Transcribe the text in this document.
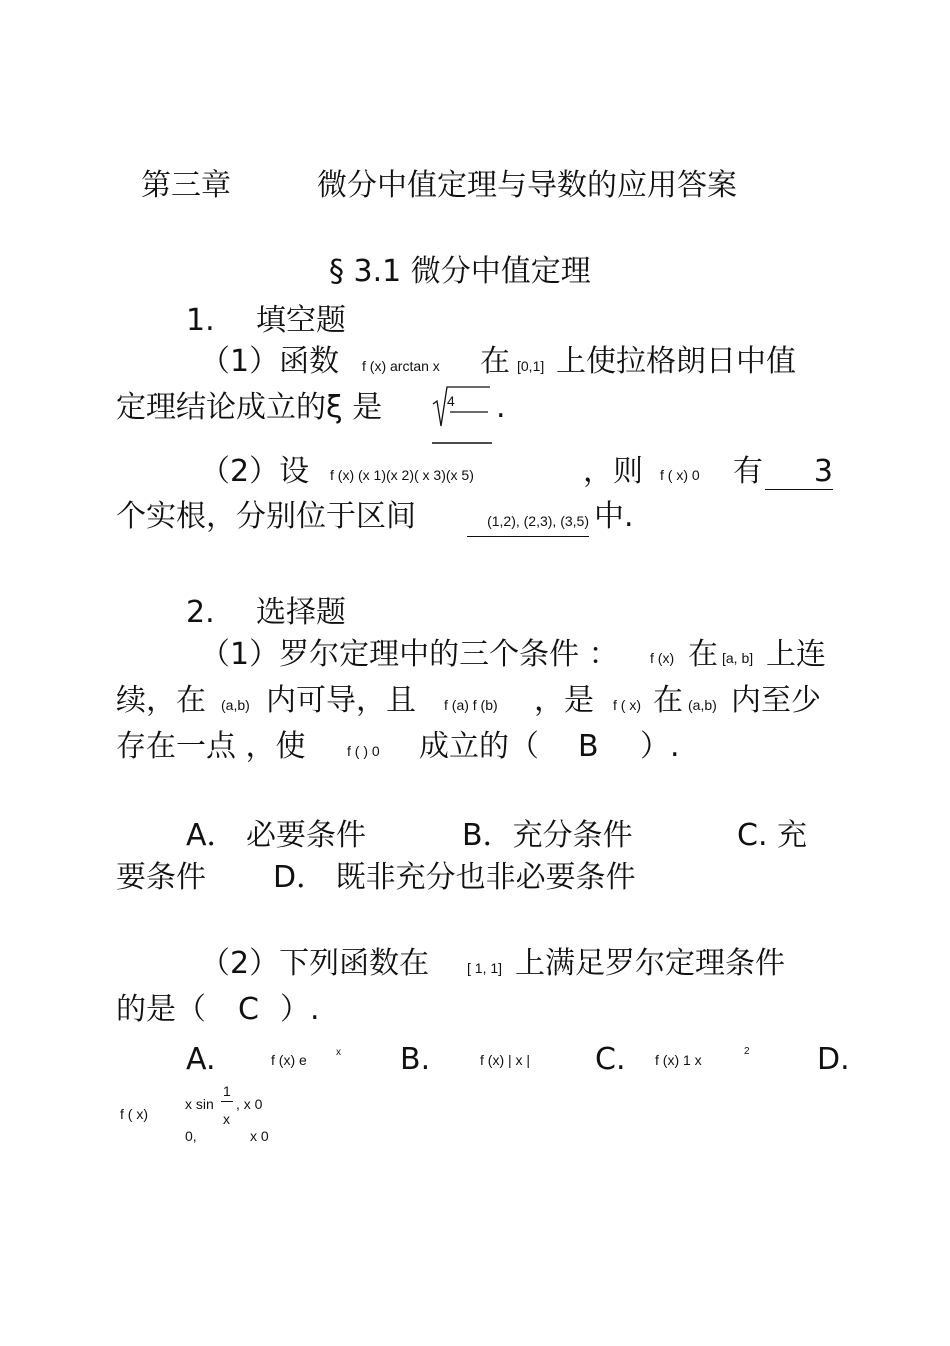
第三章	微分中值定理与导数的应用答案
§ 3.1 微分中值定理
1. 填空题
（1）函数 f (x) arctan x 在 [0,1] 上使拉格朗日中值
定理结论成立的ξ 是	4 .
（2）设 f (x) (x 1)(x 2)( x 3)(x 5)	，则 f ( x) 0 有	3
个实根，分别位于区间	(1,2), (2,3), (3,5) 中.
2. 选择题
（1）罗尔定理中的三个条件 ： f (x) 在 [a, b] 上连
续，在 (a,b) 内可导，且 f (a) f (b) ，是 f ( x) 在 (a,b) 内至少
存在一点 ，使	f ( ) 0 成立的（ B ）.
A． 必要条件	B．充分条件	C. 充
要条件 D． 既非充分也非必要条件
（2）下列函数在	[ 1, 1] 上满足罗尔定理条件
的是（ C ）.
A.	f (x) e	x B.	f (x) | x | C. f (x) 1 x
2 D.
f ( x)
x sin
1
x
, x 0
0,	x 0
